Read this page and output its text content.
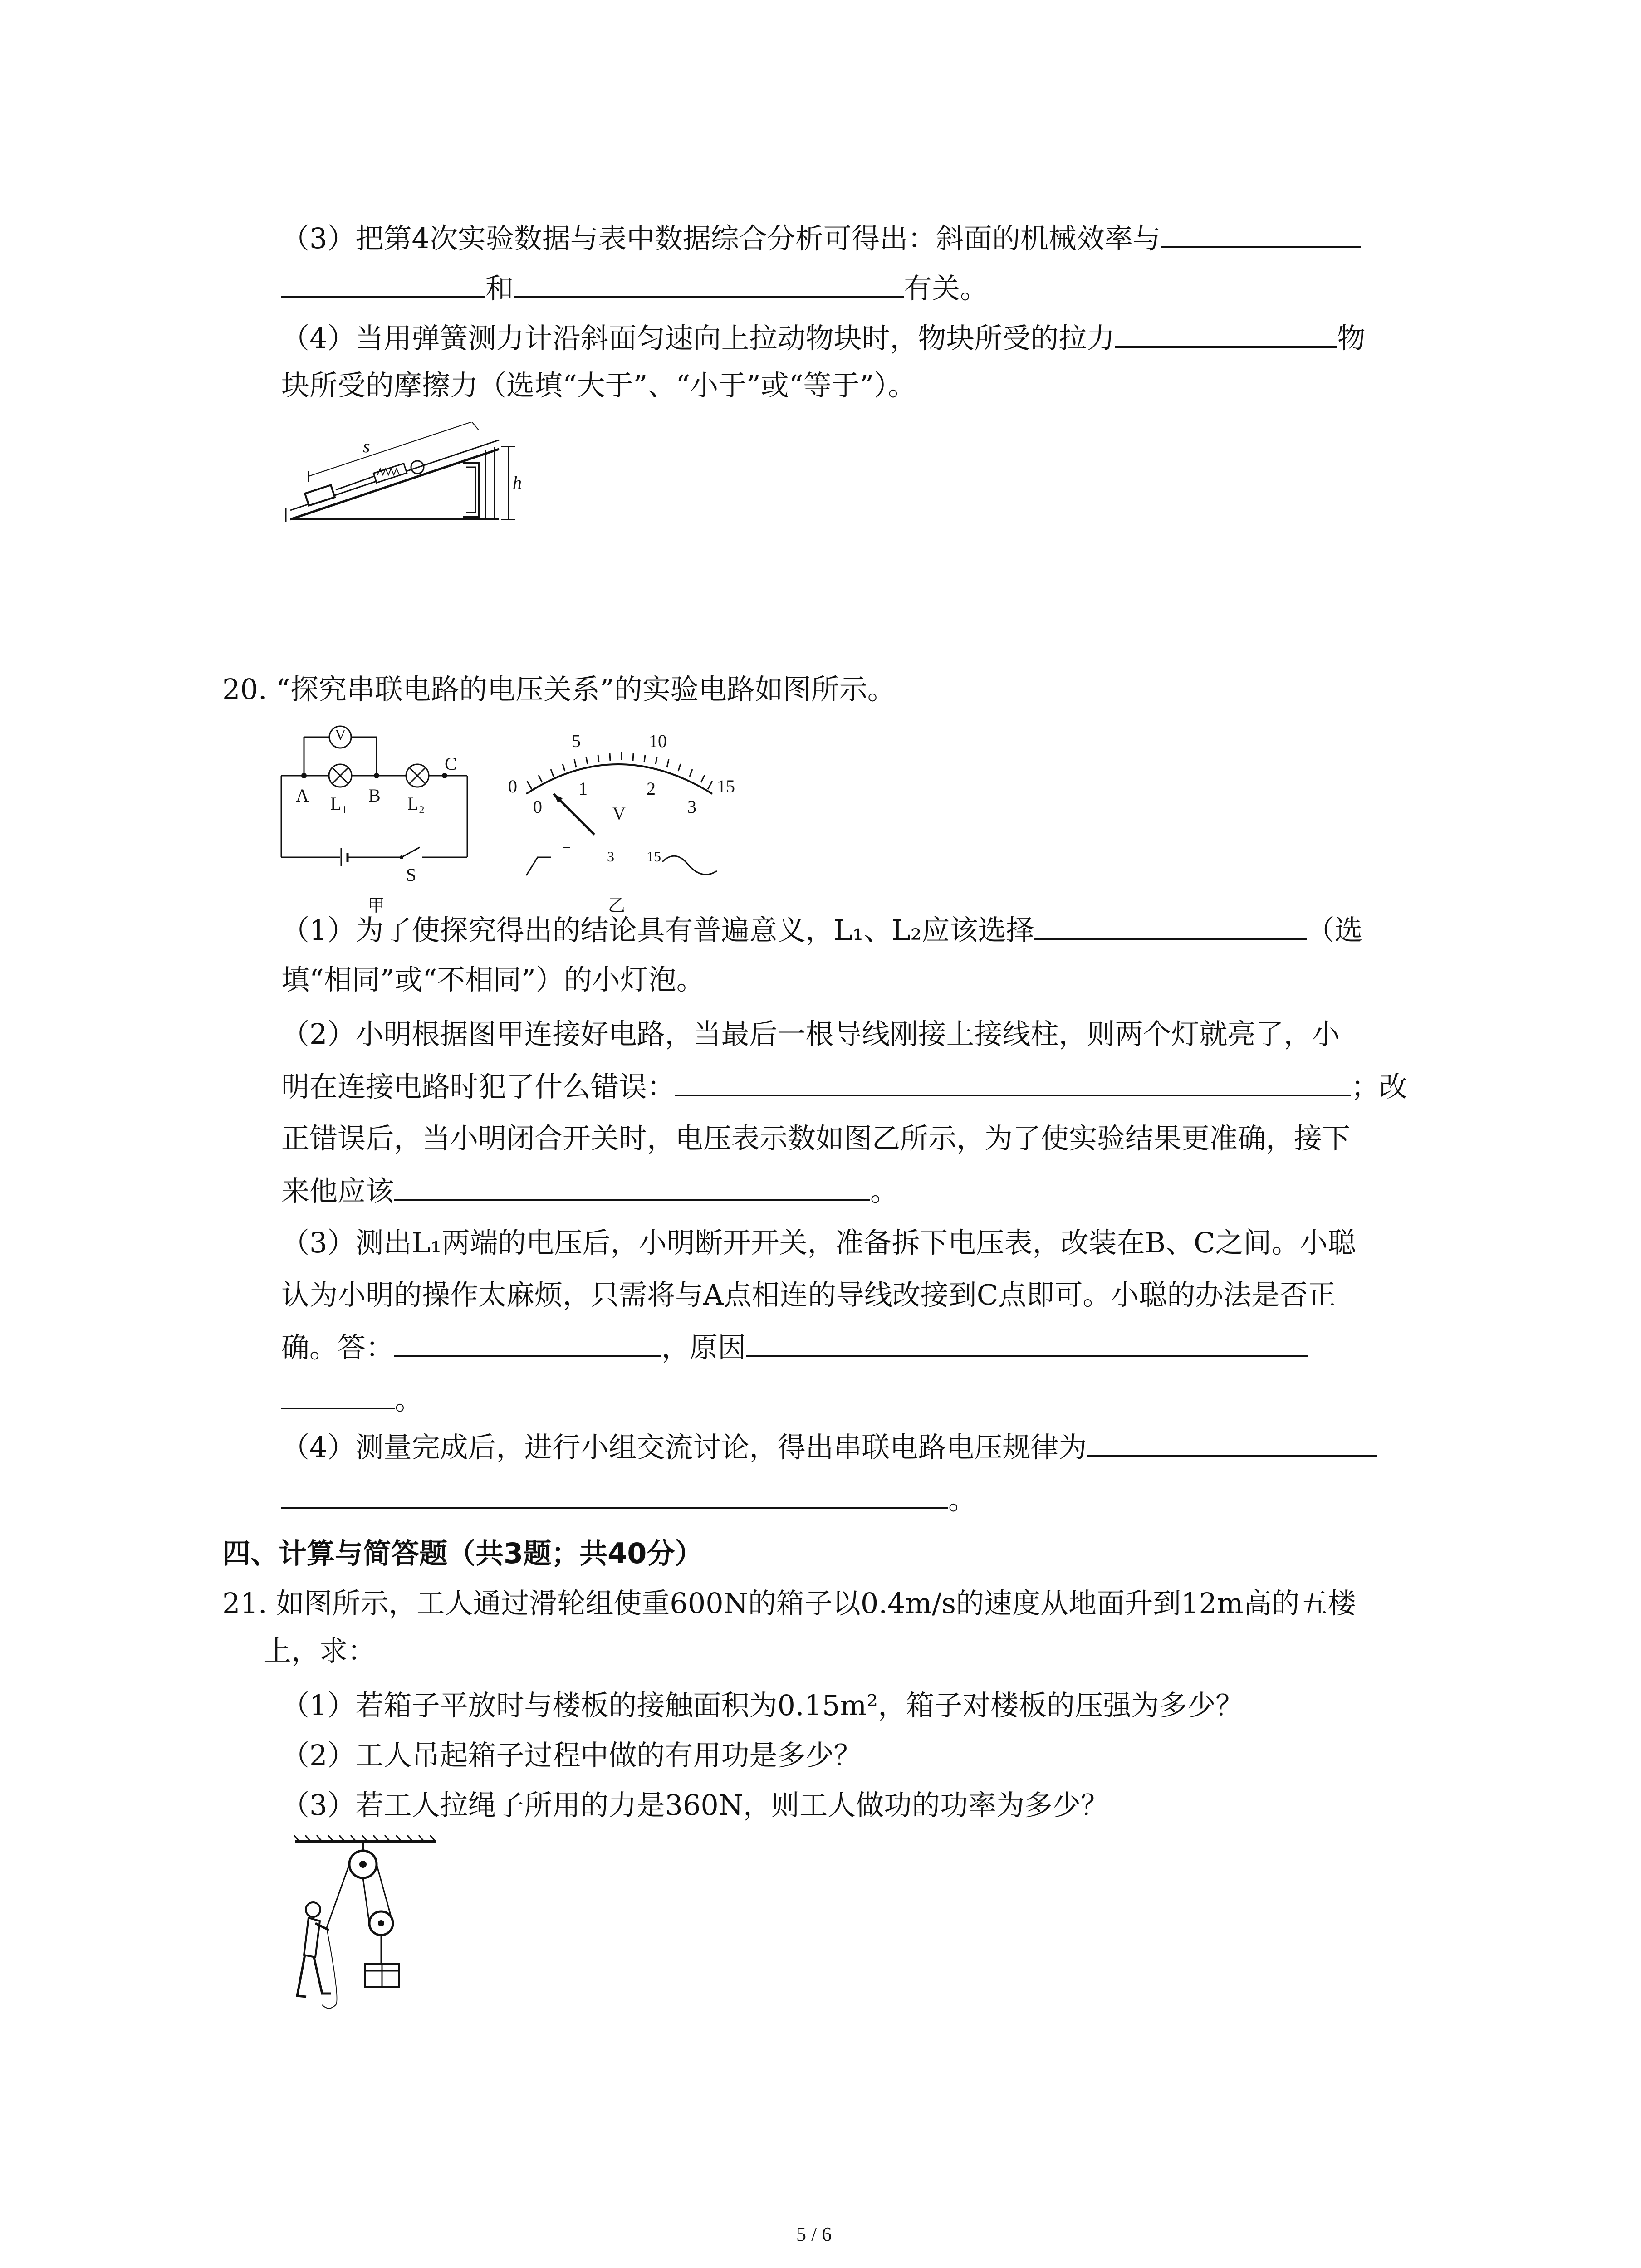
（3）把第4次实验数据与表中数据综合分析可得出：斜面的机械效率与
和	有关。
（4）当用弹簧测力计沿斜面匀速向上拉动物块时，物块所受的拉力	物
块所受的摩擦力（选填“大于”、“小于”或“等于”）。
s
h
20. “探究串联电路的电压关系”的实验电路如图所示。
V
A	B
C
L₁	L₂
S
甲
0
5	10
15
0
1	2
3
V
−
3 15
乙
（1）为了使探究得出的结论具有普遍意义，L₁、L₂应该选择	（选
填“相同”或“不相同”）的小灯泡。
（2）小明根据图甲连接好电路，当最后一根导线刚接上接线柱，则两个灯就亮了，小
明在连接电路时犯了什么错误：	；改
正错误后，当小明闭合开关时，电压表示数如图乙所示，为了使实验结果更准确，接下
来他应该	。
（3）测出L₁两端的电压后，小明断开开关，准备拆下电压表，改装在B、C之间。小聪
认为小明的操作太麻烦，只需将与A点相连的导线改接到C点即可。小聪的办法是否正
确。答：	，原因
。
（4）测量完成后，进行小组交流讨论，得出串联电路电压规律为
。
四、计算与简答题（共3题；共40分）
21. 如图所示，工人通过滑轮组使重600N的箱子以0.4m/s的速度从地面升到12m高的五楼
上，求：
（1）若箱子平放时与楼板的接触面积为0.15m²，箱子对楼板的压强为多少？
（2）工人吊起箱子过程中做的有用功是多少？
（3）若工人拉绳子所用的力是360N，则工人做功的功率为多少？
5 / 6
